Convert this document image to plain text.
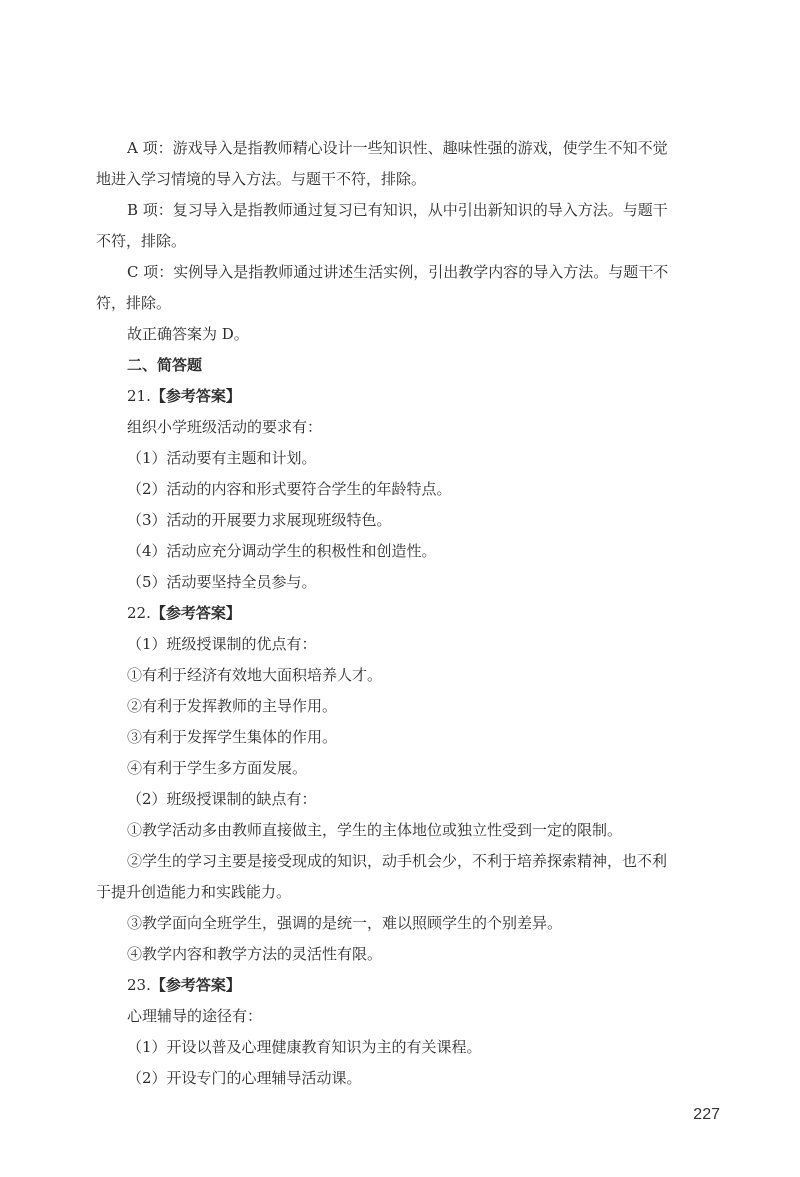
A 项：游戏导入是指教师精心设计一些知识性、趣味性强的游戏，使学生不知不觉
地进入学习情境的导入方法。与题干不符，排除。
B 项：复习导入是指教师通过复习已有知识，从中引出新知识的导入方法。与题干
不符，排除。
C 项：实例导入是指教师通过讲述生活实例，引出教学内容的导入方法。与题干不
符，排除。
故正确答案为 D。
二、简答题
21.【参考答案】
组织小学班级活动的要求有：
（1）活动要有主题和计划。
（2）活动的内容和形式要符合学生的年龄特点。
（3）活动的开展要力求展现班级特色。
（4）活动应充分调动学生的积极性和创造性。
（5）活动要坚持全员参与。
22.【参考答案】
（1）班级授课制的优点有：
①有利于经济有效地大面积培养人才。
②有利于发挥教师的主导作用。
③有利于发挥学生集体的作用。
④有利于学生多方面发展。
（2）班级授课制的缺点有：
①教学活动多由教师直接做主，学生的主体地位或独立性受到一定的限制。
②学生的学习主要是接受现成的知识，动手机会少，不利于培养探索精神，也不利
于提升创造能力和实践能力。
③教学面向全班学生，强调的是统一，难以照顾学生的个别差异。
④教学内容和教学方法的灵活性有限。
23.【参考答案】
心理辅导的途径有：
（1）开设以普及心理健康教育知识为主的有关课程。
（2）开设专门的心理辅导活动课。
227
